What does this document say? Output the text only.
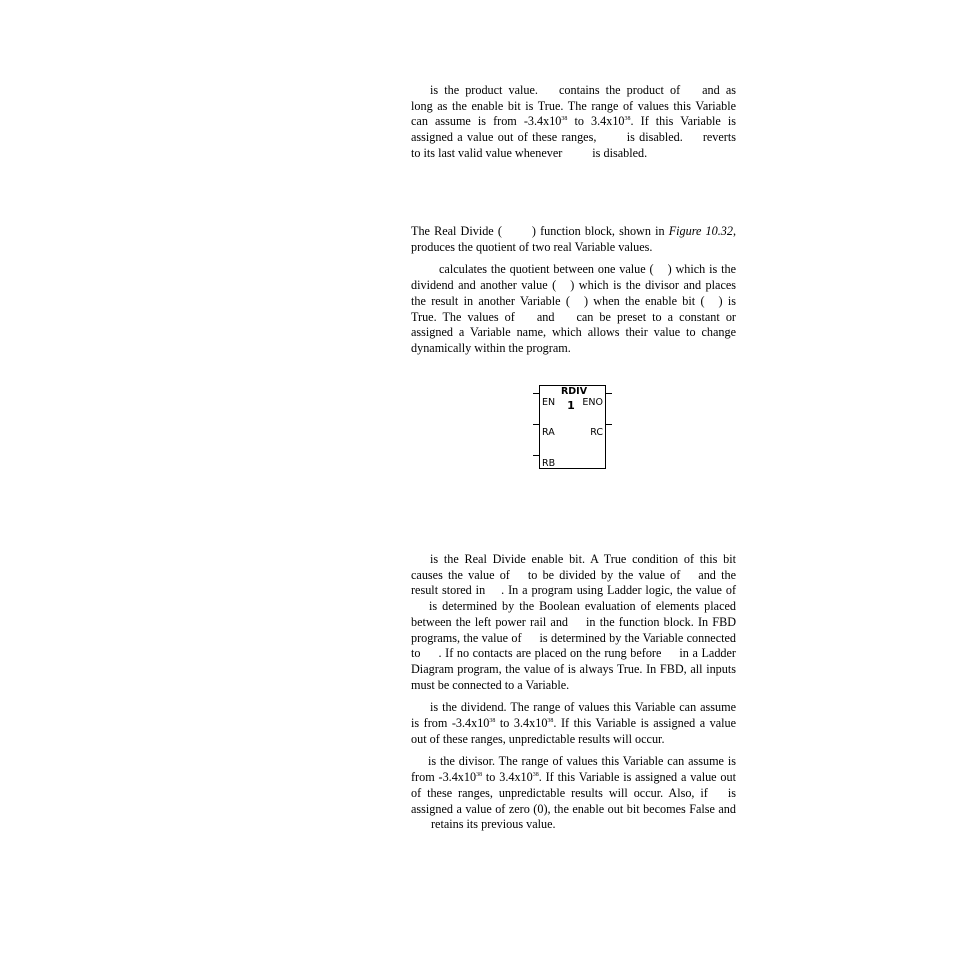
is the product value. contains the product of and as long as the enable bit is True. The range of values this Variable can assume is from $-3.4x10^{38}$ to $3.4x10^{38}$. If this Variable is assigned a value out of these ranges, is disabled. reverts to its last valid value whenever is disabled.

The Real Divide ( ) function block, shown in Figure 10.32, produces the quotient of two real Variable values.

calculates the quotient between one value ( ) which is the dividend and another value ( ) which is the divisor and places the result in another Variable ( ) when the enable bit ( ) is True. The values of and can be preset to a constant or assigned a Variable name, which allows their value to change dynamically within the program.

RDIV
1
EN	ENO
RA	RC
RB

is the Real Divide enable bit. A True condition of this bit causes the value of to be divided by the value of and the result stored in . In a program using Ladder logic, the value ofis determined by the Boolean evaluation of elements placed between the left power rail and in the function block. In FBD programs, the value of is determined by the Variable connected to . If no contacts are placed on the rung before in a Ladder Diagram program, the value of is always True. In FBD, all inputs must be connected to a Variable.

is the dividend. The range of values this Variable can assume is from $-3.4x10^{38}$ to $3.4x10^{38}$. If this Variable is assigned a value out of these ranges, unpredictable results will occur.

is the divisor. The range of values this Variable can assume is from $-3.4x10^{38}$ to $3.4x10^{38}$. If this Variable is assigned a value out of these ranges, unpredictable results will occur. Also, if is assigned a value of zero (0), the enable out bit becomes False andretains its previous value.
